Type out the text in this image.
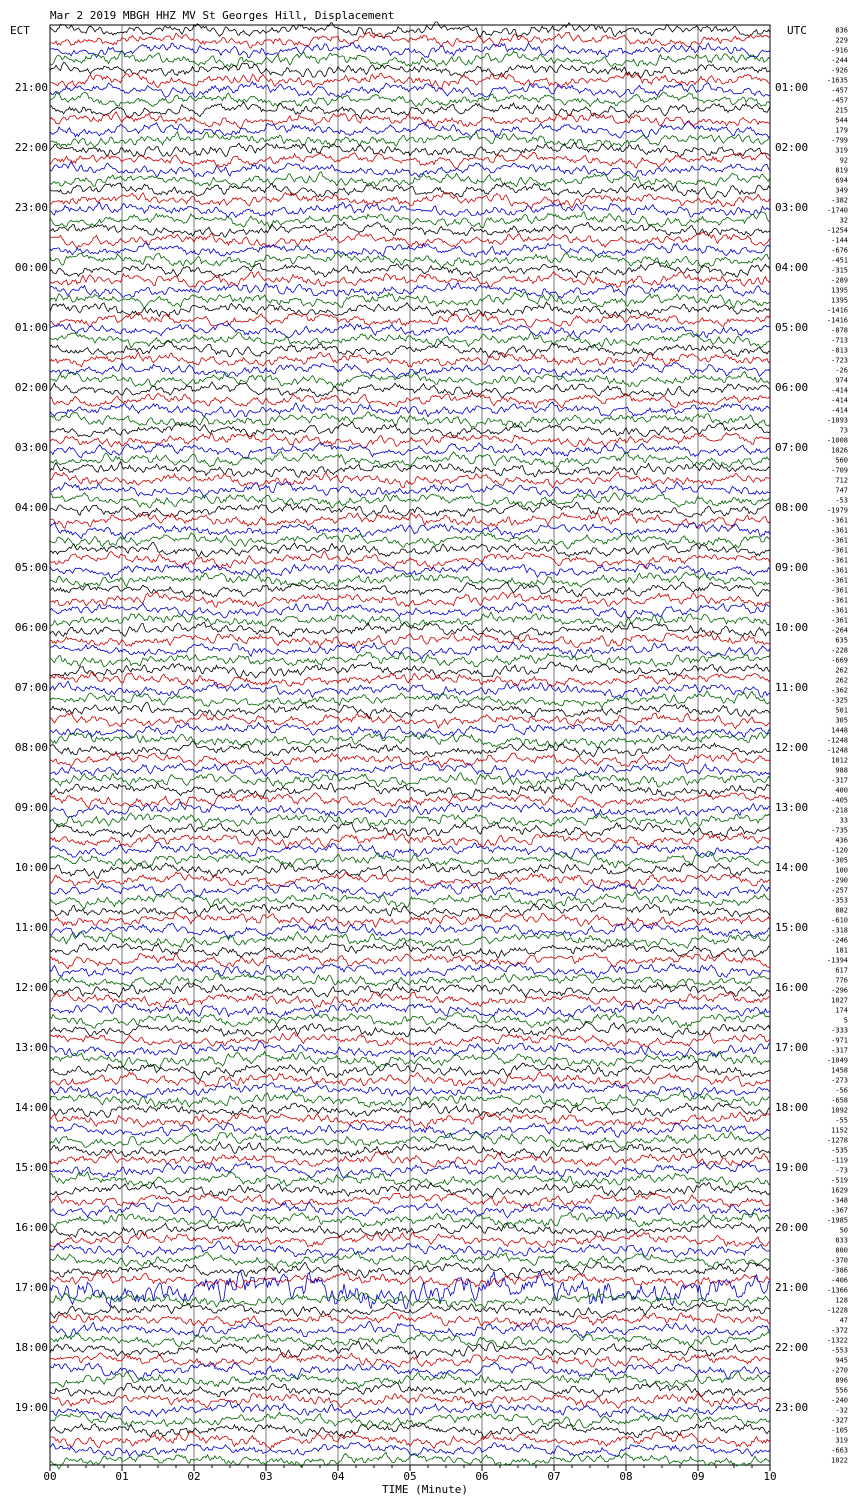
Mar 2 2019 MBGH HHZ MV St Georges Hill, Displacement
ECT	UTC	836
229
-916
-244
-926
-1635
-457
-457
215
544
179
-799
319
92
819
694
349
-382
-1740
32
-1254
-144
-676
-451
-315
-289
1395
1395
-1416
-1416
-878
-713
-813
-723
-26
974
-414
-414
-414
-1093
73
-1008
1026
560
-709
712
747
-53
-1979
-361
-361
-361
-361
-361
-361
-361
-361
-361
-361
-361
-264
635
-228
-669
262
262
-362
-325
501
305
1448
-1248
-1248
1012
988
-317
400
-405
-218
33
-735
436
-120
-305
100
-290
-257
-353
882
-610
-318
-246
181
-1394
617
776
-296
1027
174
5
-333
-971
-317
-1049
1458
-273
-56
-658
1092
-55
1152
-1278
-535
-119
-73
-519
1629
-348
-367
-1985
50
833
800
-370
-386
-406
-1366
128
-1228
47
-372
-1322
-553
945
-270
896
556
-240
-32
-327
-105
319
-663
1022
21:00
22:00
23:00
00:00
01:00
02:00
03:00
04:00
05:00
06:00
07:00
08:00
09:00
10:00
11:00
12:00
13:00
14:00
15:00
16:00
17:00
18:00
19:00
01:00
02:00
03:00
04:00
05:00
06:00
07:00
08:00
09:00
10:00
11:00
12:00
13:00
14:00
15:00
16:00
17:00
18:00
19:00
20:00
21:00
22:00
23:00
00	01	02	03	04	05	06	07	08	09	10
TIME (Minute)
